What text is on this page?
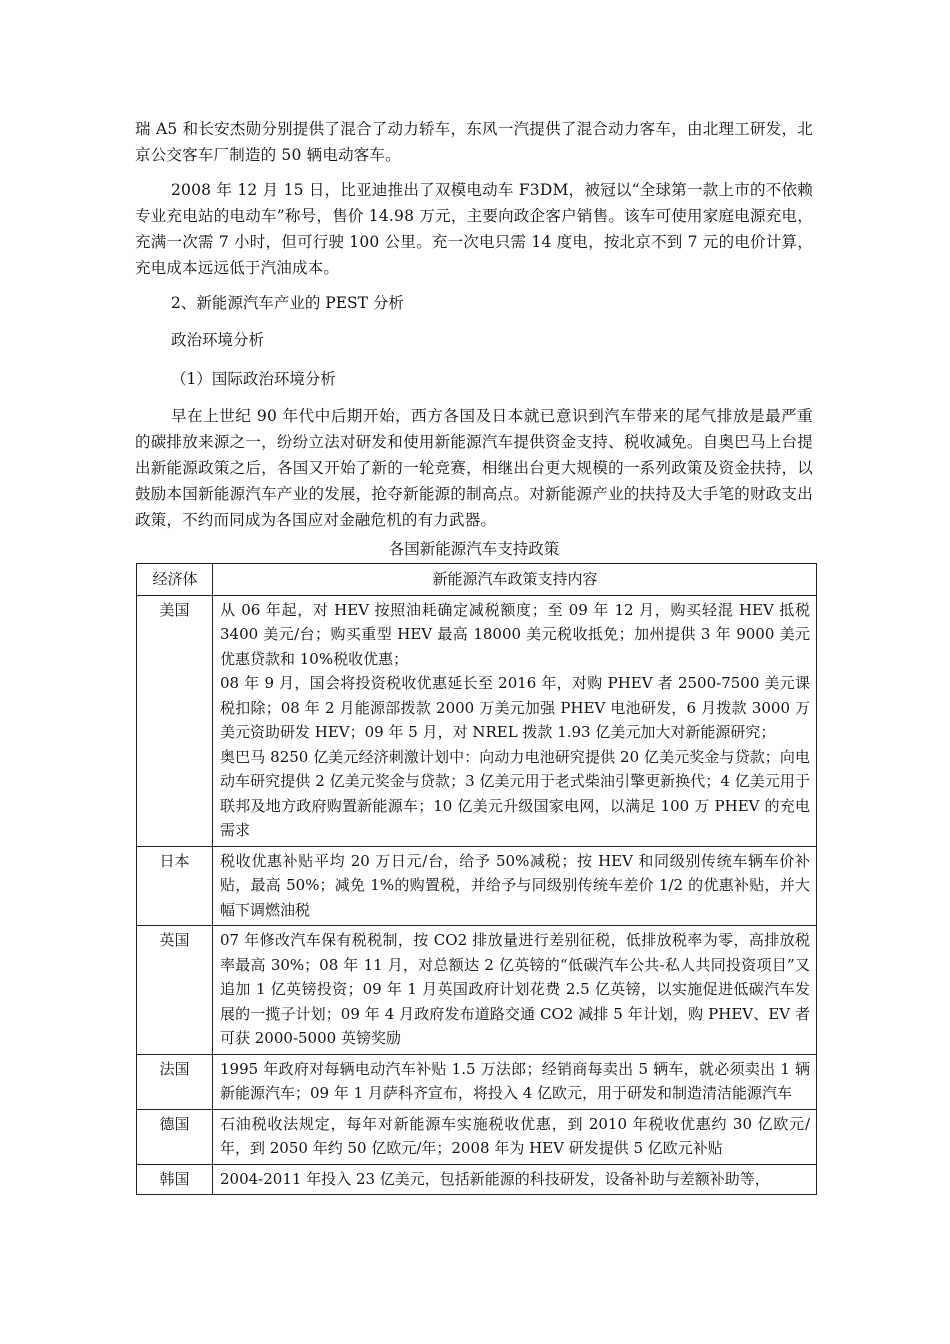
瑞 A5 和长安杰勋分别提供了混合了动力轿车，东风一汽提供了混合动力客车，由北理工研发，北京公交客车厂制造的 50 辆电动客车。
2008 年 12 月 15 日，比亚迪推出了双模电动车 F3DM，被冠以“全球第一款上市的不依赖专业充电站的电动车”称号，售价 14.98 万元，主要向政企客户销售。该车可使用家庭电源充电，充满一次需 7 小时，但可行驶 100 公里。充一次电只需 14 度电，按北京不到 7 元的电价计算，充电成本远远低于汽油成本。
2、新能源汽车产业的 PEST 分析
政治环境分析
（1）国际政治环境分析
早在上世纪 90 年代中后期开始，西方各国及日本就已意识到汽车带来的尾气排放是最严重的碳排放来源之一，纷纷立法对研发和使用新能源汽车提供资金支持、税收减免。自奥巴马上台提出新能源政策之后，各国又开始了新的一轮竞赛，相继出台更大规模的一系列政策及资金扶持，以鼓励本国新能源汽车产业的发展，抢夺新能源的制高点。对新能源产业的扶持及大手笔的财政支出政策，不约而同成为各国应对金融危机的有力武器。
各国新能源汽车支持政策
经济体	新能源汽车政策支持内容
美国	从 06 年起，对 HEV 按照油耗确定减税额度；至 09 年 12 月，购买轻混 HEV 抵税 3400 美元/台；购买重型 HEV 最高 18000 美元税收抵免；加州提供 3 年 9000 美元优惠贷款和 10%税收优惠；
08 年 9 月，国会将投资税收优惠延长至 2016 年，对购 PHEV 者 2500-7500 美元课税扣除；08 年 2 月能源部拨款 2000 万美元加强 PHEV 电池研发，6 月拨款 3000 万美元资助研发 HEV；09 年 5 月，对 NREL 拨款 1.93 亿美元加大对新能源研究；
奥巴马 8250 亿美元经济刺激计划中：向动力电池研究提供 20 亿美元奖金与贷款；向电动车研究提供 2 亿美元奖金与贷款；3 亿美元用于老式柴油引擎更新换代；4 亿美元用于联邦及地方政府购置新能源车；10 亿美元升级国家电网，以满足 100 万 PHEV 的充电需求

日本	税收优惠补贴平均 20 万日元/台，给予 50%减税；按 HEV 和同级别传统车辆车价补贴，最高 50%；减免 1%的购置税，并给予与同级别传统车差价 1/2 的优惠补贴，并大幅下调燃油税

英国	07 年修改汽车保有税税制，按 CO2 排放量进行差别征税，低排放税率为零，高排放税率最高 30%；08 年 11 月，对总额达 2 亿英镑的“低碳汽车公共-私人共同投资项目”又追加 1 亿英镑投资；09 年 1 月英国政府计划花费 2.5 亿英镑，以实施促进低碳汽车发展的一揽子计划；09 年 4 月政府发布道路交通 CO2 减排 5 年计划，购 PHEV、EV 者可获 2000-5000 英镑奖励

法国	1995 年政府对每辆电动汽车补贴 1.5 万法郎；经销商每卖出 5 辆车，就必须卖出 1 辆新能源汽车；09 年 1 月萨科齐宣布，将投入 4 亿欧元，用于研发和制造清洁能源汽车

德国	石油税收法规定，每年对新能源车实施税收优惠，到 2010 年税收优惠约 30 亿欧元/年，到 2050 年约 50 亿欧元/年；2008 年为 HEV 研发提供 5 亿欧元补贴

韩国	2004-2011 年投入 23 亿美元，包括新能源的科技研发，设备补助与差额补助等，
